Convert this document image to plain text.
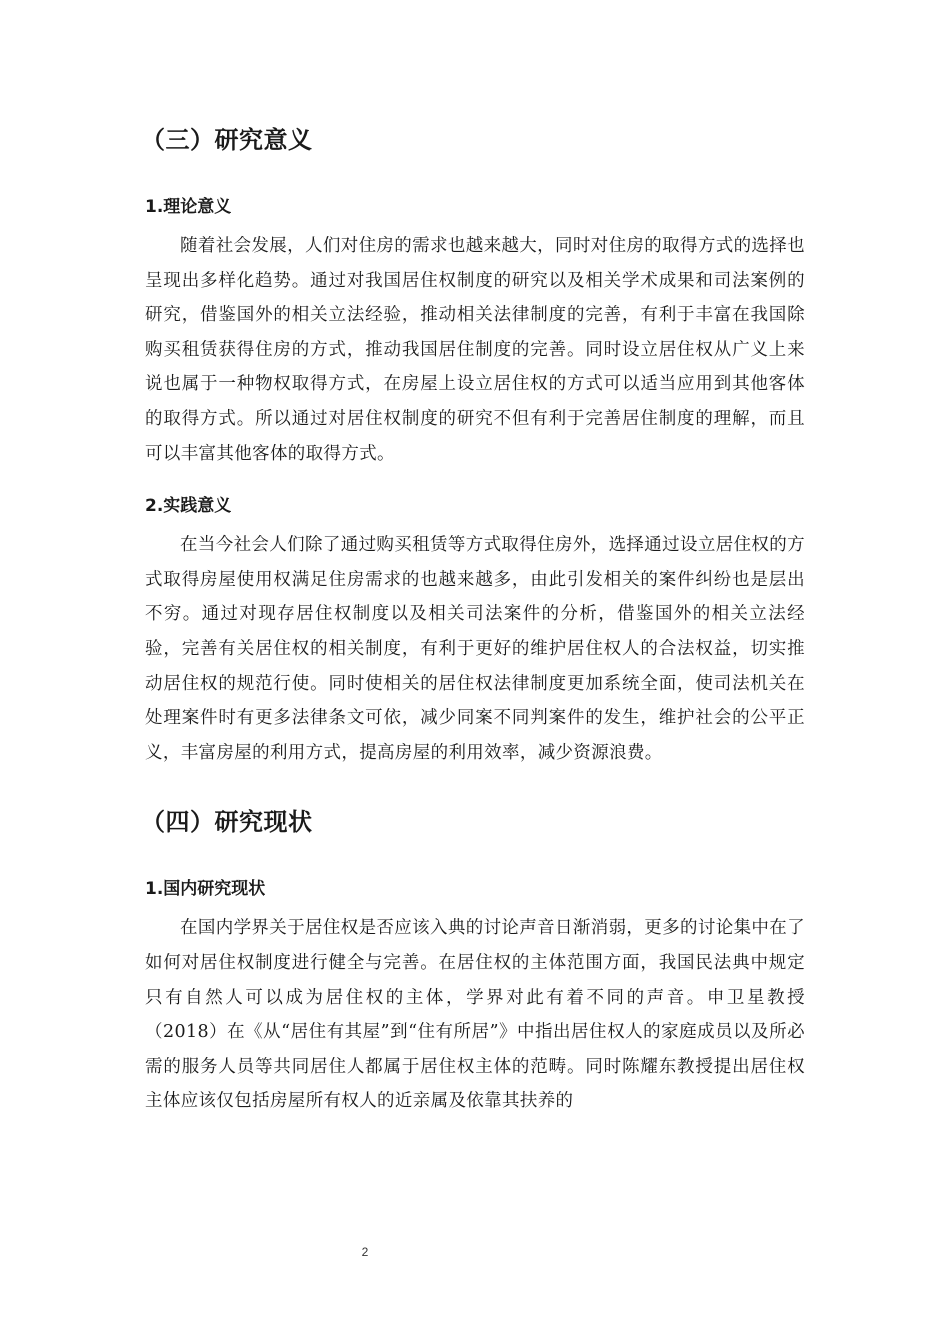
（三）研究意义
1.理论意义

随着社会发展，人们对住房的需求也越来越大，同时对住房的取得方式的选择也呈现出多样化趋势。通过对我国居住权制度的研究以及相关学术成果和司法案例的研究，借鉴国外的相关立法经验，推动相关法律制度的完善，有利于丰富在我国除购买租赁获得住房的方式，推动我国居住制度的完善。同时设立居住权从广义上来说也属于一种物权取得方式，在房屋上设立居住权的方式可以适当应用到其他客体的取得方式。所以通过对居住权制度的研究不但有利于完善居住制度的理解，而且可以丰富其他客体的取得方式。

2.实践意义

在当今社会人们除了通过购买租赁等方式取得住房外，选择通过设立居住权的方式取得房屋使用权满足住房需求的也越来越多，由此引发相关的案件纠纷也是层出不穷。通过对现存居住权制度以及相关司法案件的分析，借鉴国外的相关立法经验，完善有关居住权的相关制度，有利于更好的维护居住权人的合法权益，切实推动居住权的规范行使。同时使相关的居住权法律制度更加系统全面，使司法机关在处理案件时有更多法律条文可依，减少同案不同判案件的发生，维护社会的公平正义，丰富房屋的利用方式，提高房屋的利用效率，减少资源浪费。

（四）研究现状
1.国内研究现状

在国内学界关于居住权是否应该入典的讨论声音日渐消弱，更多的讨论集中在了如何对居住权制度进行健全与完善。在居住权的主体范围方面，我国民法典中规定只有自然人可以成为居住权的主体，学界对此有着不同的声音。申卫星教授（2018）在《从“居住有其屋”到“住有所居”》中指出居住权人的家庭成员以及所必需的服务人员等共同居住人都属于居住权主体的范畴。同时陈耀东教授提出居住权主体应该仅包括房屋所有权人的近亲属及依靠其扶养的

2
